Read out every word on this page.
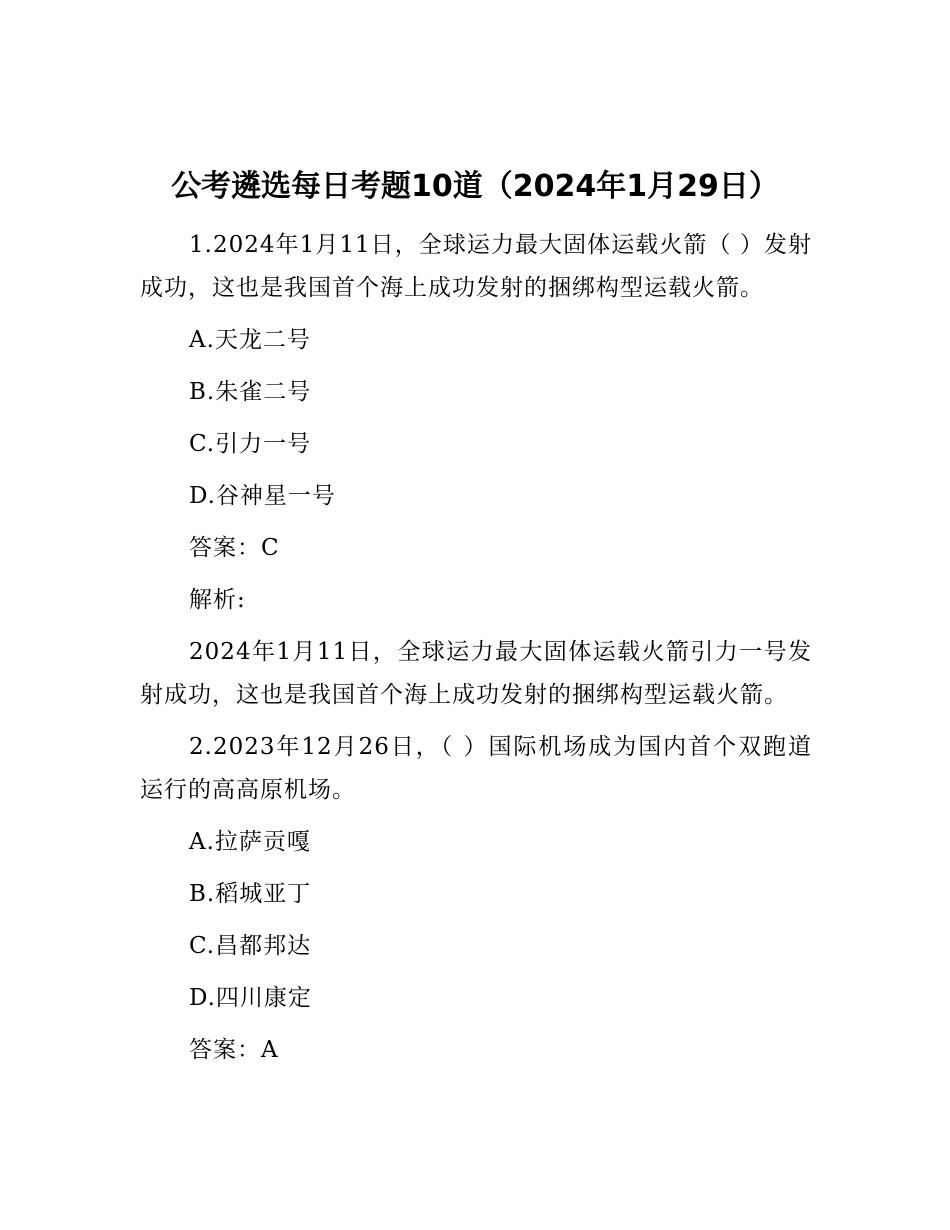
公考遴选每日考题10道（2024年1月29日）

1.2024年1月11日，全球运力最大固体运载火箭（ ）发射成功，这也是我国首个海上成功发射的捆绑构型运载火箭。

A.天龙二号

B.朱雀二号

C.引力一号

D.谷神星一号

答案：C

解析:

2024年1月11日，全球运力最大固体运载火箭引力一号发射成功，这也是我国首个海上成功发射的捆绑构型运载火箭。

2.2023年12月26日，（ ）国际机场成为国内首个双跑道运行的高高原机场。

A.拉萨贡嘎

B.稻城亚丁

C.昌都邦达

D.四川康定

答案：A
